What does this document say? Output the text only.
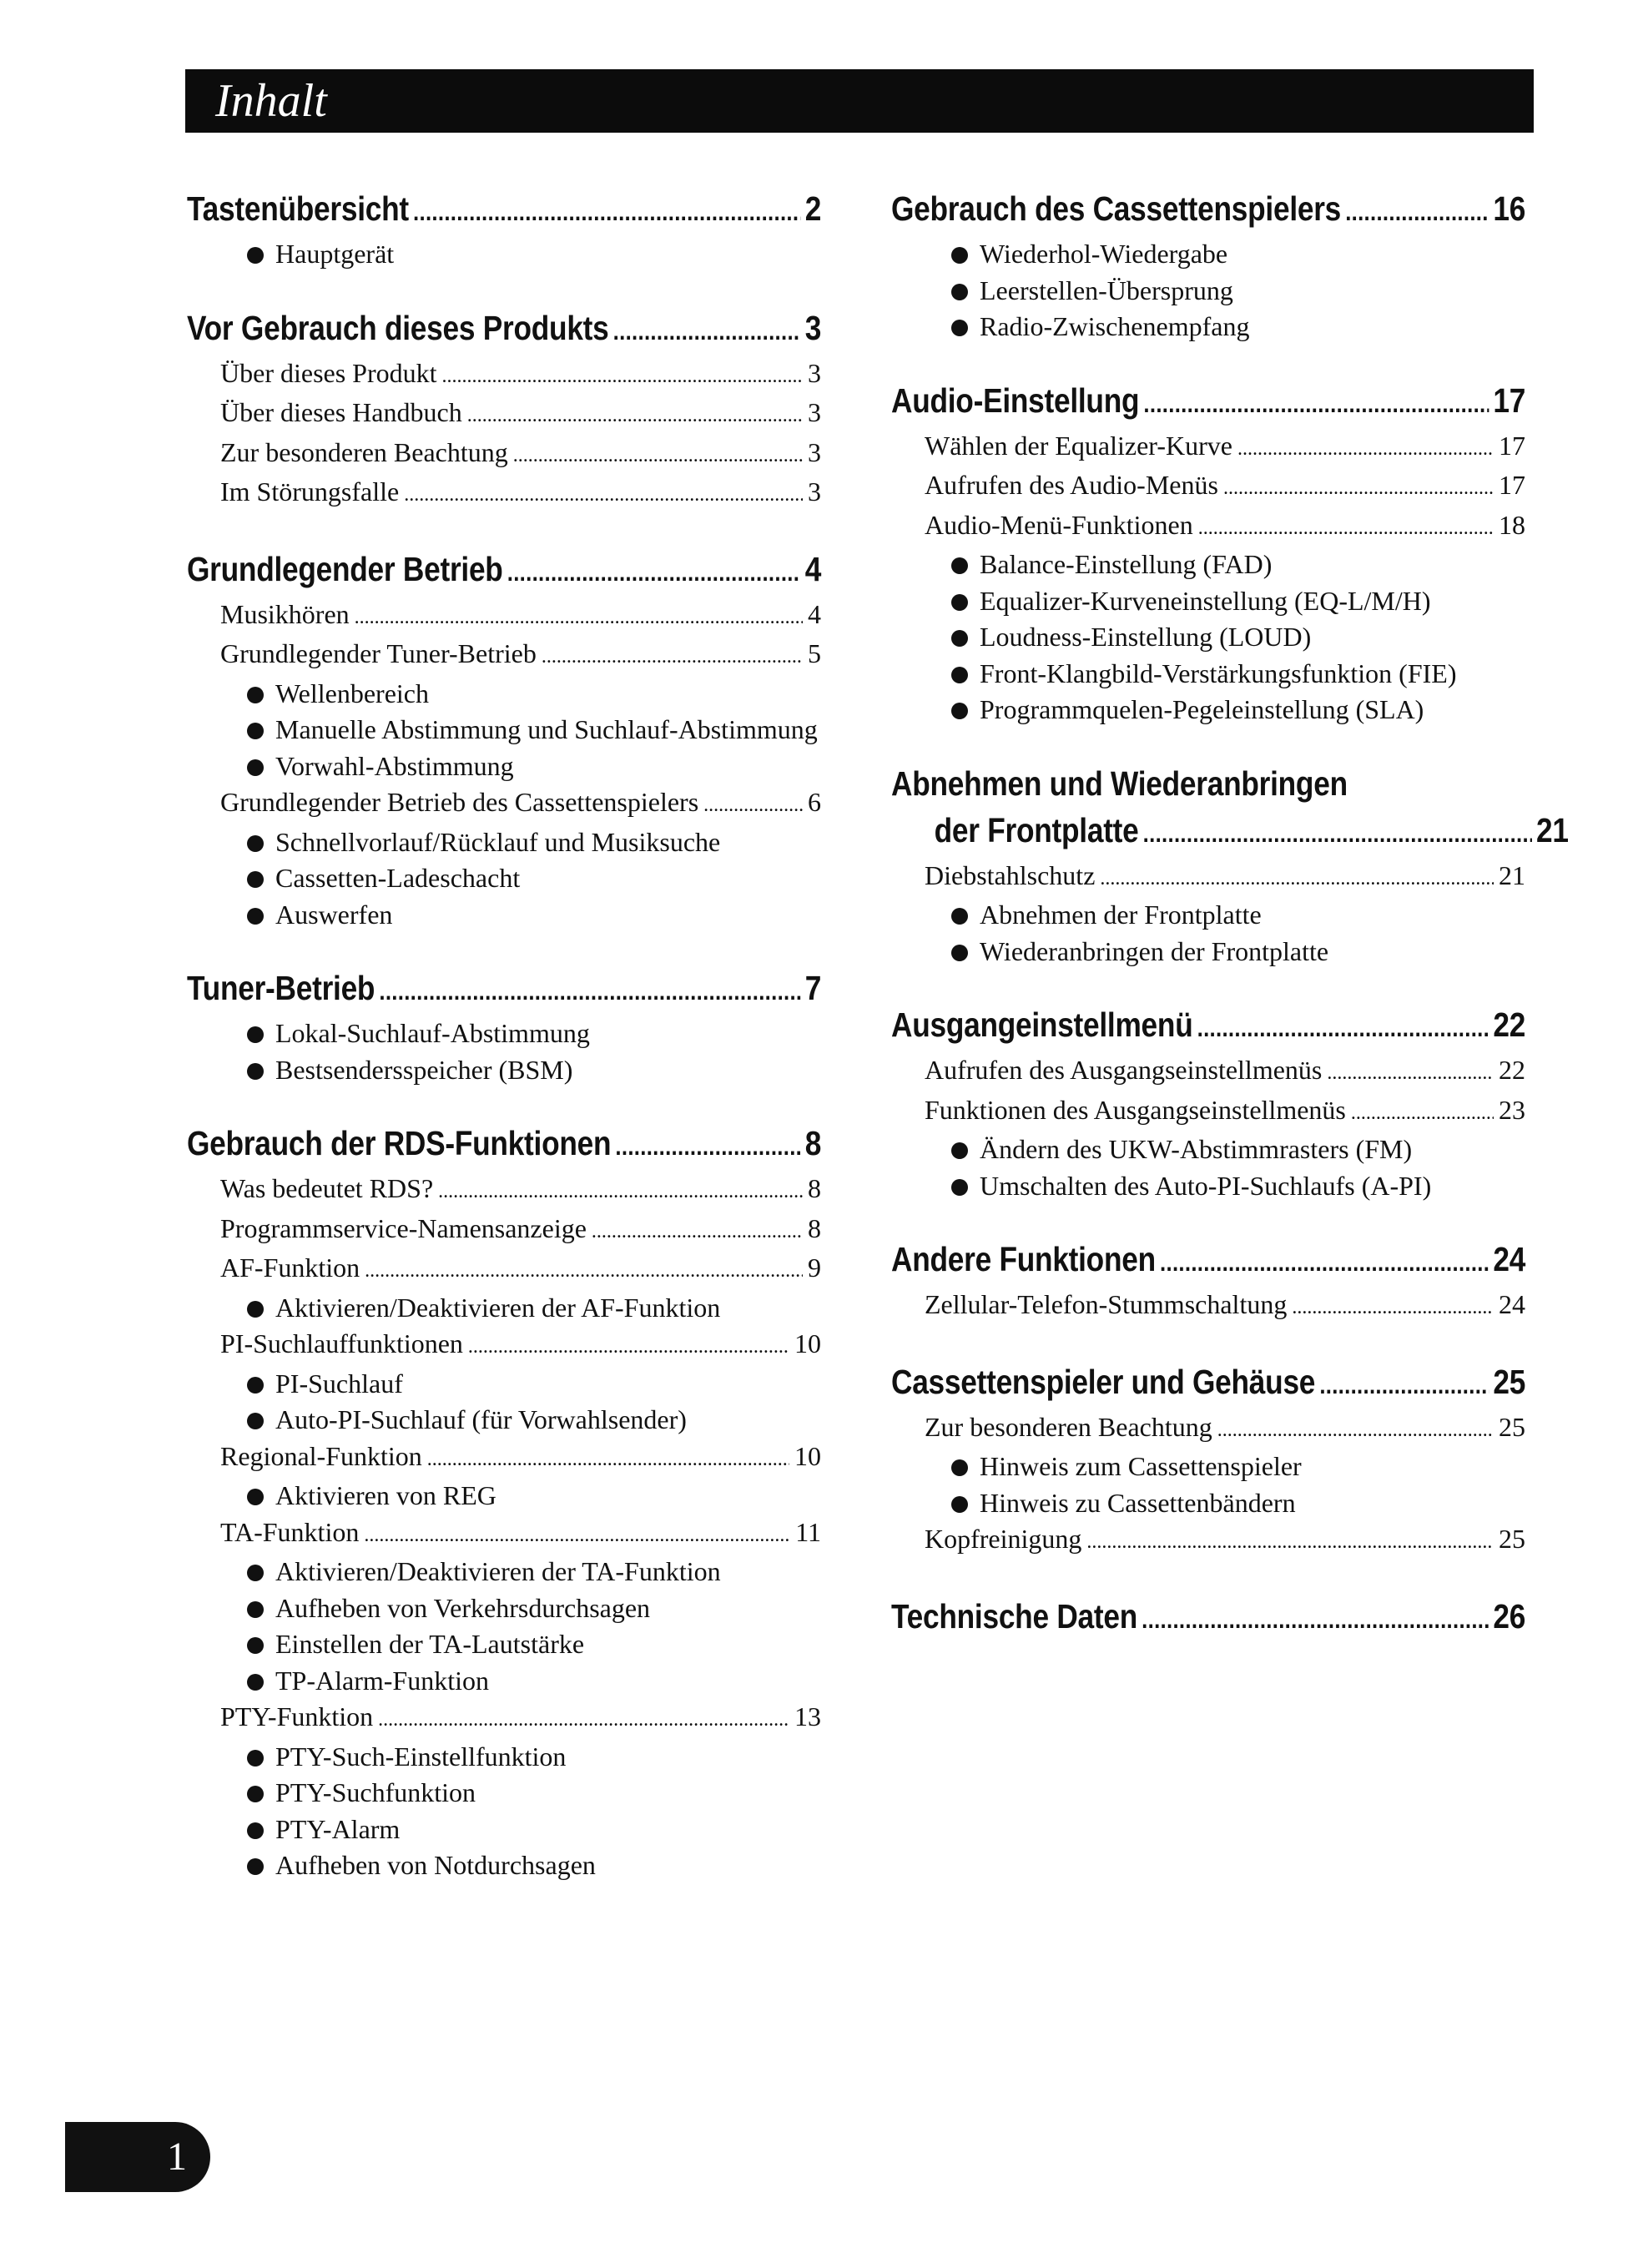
Inhalt
Tastenübersicht . . .	2
Hauptgerät
Vor Gebrauch dieses Produkts . . .	3
Über dieses Produkt . . .	3
Über dieses Handbuch . . .	3
Zur besonderen Beachtung . . .	3
Im Störungsfalle . . .	3
Grundlegender Betrieb . . .	4
Musikhören . . .	4
Grundlegender Tuner-Betrieb . . .	5
Wellenbereich
Manuelle Abstimmung und Suchlauf-Abstimmung
Vorwahl-Abstimmung
Grundlegender Betrieb des Cassettenspielers . . .	6
Schnellvorlauf/Rücklauf und Musiksuche
Cassetten-Ladeschacht
Auswerfen
Tuner-Betrieb . . .	7
Lokal-Suchlauf-Abstimmung
Bestsendersspeicher (BSM)
Gebrauch der RDS-Funktionen . . .	8
Was bedeutet RDS? . . .	8
Programmservice-Namensanzeige . . .	8
AF-Funktion . . .	9
Aktivieren/Deaktivieren der AF-Funktion
PI-Suchlauffunktionen . . .	10
PI-Suchlauf
Auto-PI-Suchlauf (für Vorwahlsender)
Regional-Funktion . . .	10
Aktivieren von REG
TA-Funktion . . .	11
Aktivieren/Deaktivieren der TA-Funktion
Aufheben von Verkehrsdurchsagen
Einstellen der TA-Lautstärke
TP-Alarm-Funktion
PTY-Funktion . . .	13
PTY-Such-Einstellfunktion
PTY-Suchfunktion
PTY-Alarm
Aufheben von Notdurchsagen
Gebrauch des Cassettenspielers . . .	16
Wiederhol-Wiedergabe
Leerstellen-Übersprung
Radio-Zwischenempfang
Audio-Einstellung . . .	17
Wählen der Equalizer-Kurve . . .	17
Aufrufen des Audio-Menüs . . .	17
Audio-Menü-Funktionen . . .	18
Balance-Einstellung (FAD)
Equalizer-Kurveneinstellung (EQ-L/M/H)
Loudness-Einstellung (LOUD)
Front-Klangbild-Verstärkungsfunktion (FIE)
Programmquelen-Pegeleinstellung (SLA)
Abnehmen und Wiederanbringen
der Frontplatte . . .	21
Diebstahlschutz . . .	21
Abnehmen der Frontplatte
Wiederanbringen der Frontplatte
Ausgangeinstellmenü . . .	22
Aufrufen des Ausgangseinstellmenüs . . .	22
Funktionen des Ausgangseinstellmenüs . . .	23
Ändern des UKW-Abstimmrasters (FM)
Umschalten des Auto-PI-Suchlaufs (A-PI)
Andere Funktionen . . .	24
Zellular-Telefon-Stummschaltung . . .	24
Cassettenspieler und Gehäuse . . .	25
Zur besonderen Beachtung . . .	25
Hinweis zum Cassettenspieler
Hinweis zu Cassettenbändern
Kopfreinigung . . .	25
Technische Daten . . .	26
1
